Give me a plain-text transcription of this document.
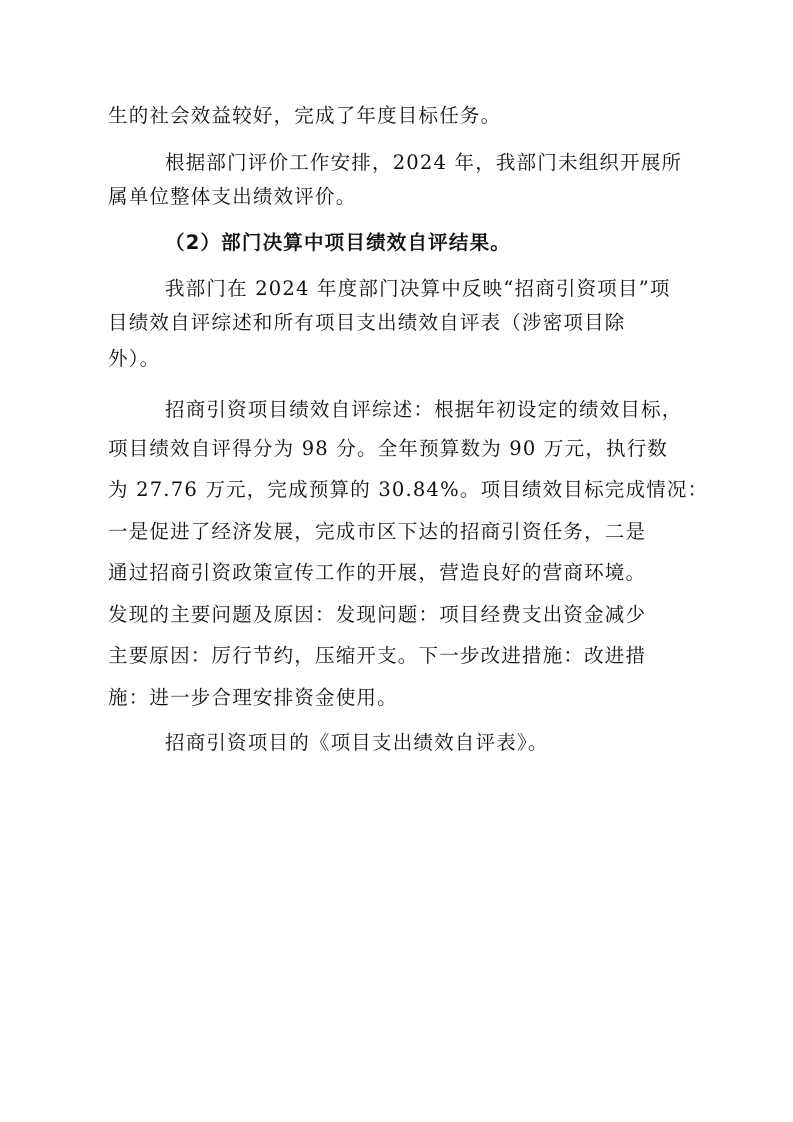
生的社会效益较好，完成了年度目标任务。
根据部门评价工作安排，2024 年，我部门未组织开展所
属单位整体支出绩效评价。
（2）部门决算中项目绩效自评结果。
我部门在 2024 年度部门决算中反映“招商引资项目”项
目绩效自评综述和所有项目支出绩效自评表（涉密项目除
外）。
招商引资项目绩效自评综述：根据年初设定的绩效目标，
项目绩效自评得分为 98 分。全年预算数为 90 万元，执行数
为 27.76 万元，完成预算的 30.84%。项目绩效目标完成情况：
一是促进了经济发展，完成市区下达的招商引资任务，二是
通过招商引资政策宣传工作的开展，营造良好的营商环境。
发现的主要问题及原因：发现问题：项目经费支出资金减少
主要原因：厉行节约，压缩开支。下一步改进措施：改进措
施：进一步合理安排资金使用。
招商引资项目的《项目支出绩效自评表》。
